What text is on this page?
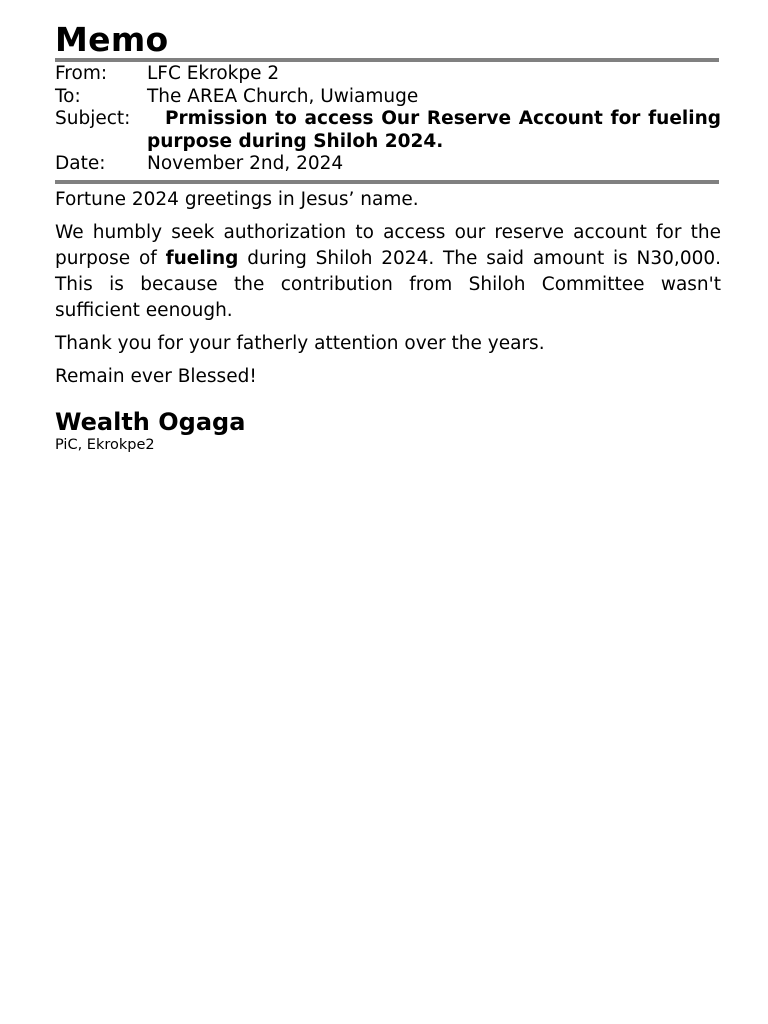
Memo
From:	LFC Ekrokpe 2
To:	The AREA Church, Uwiamuge
Subject:	Prmission to access Our Reserve Account for fueling purpose during Shiloh 2024.
Date:	November 2nd, 2024

Fortune 2024 greetings in Jesus’ name.

We humbly seek authorization to access our reserve account for the purpose of fueling during Shiloh 2024. The said amount is N30,000. This is because the contribution from Shiloh Committee wasn't sufficient eenough.

Thank you for your fatherly attention over the years.

Remain ever Blessed!

Wealth Ogaga
PiC, Ekrokpe2
